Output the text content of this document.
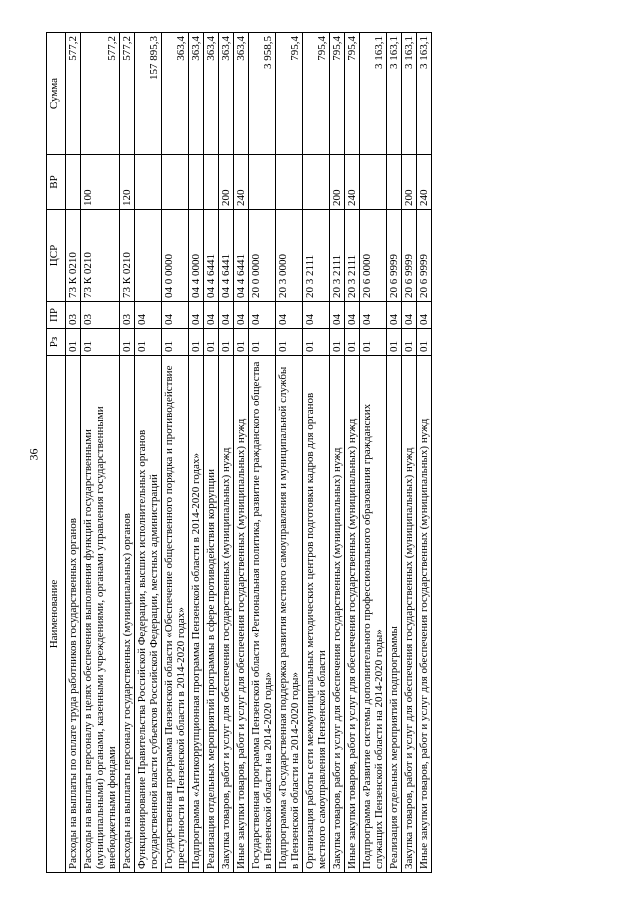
36
Наименование	Рз	ПР	ЦСР	ВР	Сумма
Расходы на выплаты по оплате труда работников государственных органов	01	03	73 К 0210		577,2
Расходы на выплаты персоналу в целях обеспечения выполнения функций государственными (муниципальными) органами, казенными учреждениями, органами управления государственными внебюджетными фондами	01	03	73 К 0210	100	577,2
Расходы на выплаты персоналу государственных (муниципальных) органов	01	03	73 К 0210	120	577,2
Функционирование Правительства Российской Федерации, высших исполнительных органов государственной власти субъектов Российской Федерации, местных администраций	01	04			157 895,3
Государственная программа Пензенской области «Обеспечение общественного порядка и противодействие преступности в Пензенской области в 2014-2020 годах»	01	04	04 0 0000		363,4
Подпрограмма «Антикоррупционная программа Пензенской области в 2014-2020 годах»	01	04	04 4 0000		363,4
Реализация отдельных мероприятий программы в сфере противодействия коррупции	01	04	04 4 6441		363,4
Закупка товаров, работ и услуг для обеспечения государственных (муниципальных) нужд	01	04	04 4 6441	200	363,4
Иные закупки товаров, работ и услуг для обеспечения государственных (муниципальных) нужд	01	04	04 4 6441	240	363,4
Государственная программа Пензенской области «Региональная политика, развитие гражданского общества в Пензенской области на 2014-2020 годы»	01	04	20 0 0000		3 958,5
Подпрограмма «Государственная поддержка развития местного самоуправления и муниципальной службы в Пензенской области на 2014-2020 годы»	01	04	20 3 0000		795,4
Организация работы сети межмуниципальных методических центров подготовки кадров для органов местного самоуправления Пензенской области	01	04	20 3 2111		795,4
Закупка товаров, работ и услуг для обеспечения государственных (муниципальных) нужд	01	04	20 3 2111	200	795,4
Иные закупки товаров, работ и услуг для обеспечения государственных (муниципальных) нужд	01	04	20 3 2111	240	795,4
Подпрограмма «Развитие системы дополнительного профессионального образования гражданских служащих Пензенской области на 2014-2020 годы»	01	04	20 6 0000		3 163,1
Реализация отдельных мероприятий подпрограммы	01	04	20 6 9999		3 163,1
Закупка товаров, работ и услуг для обеспечения государственных (муниципальных) нужд	01	04	20 6 9999	200	3 163,1
Иные закупки товаров, работ и услуг для обеспечения государственных (муниципальных) нужд	01	04	20 6 9999	240	3 163,1
